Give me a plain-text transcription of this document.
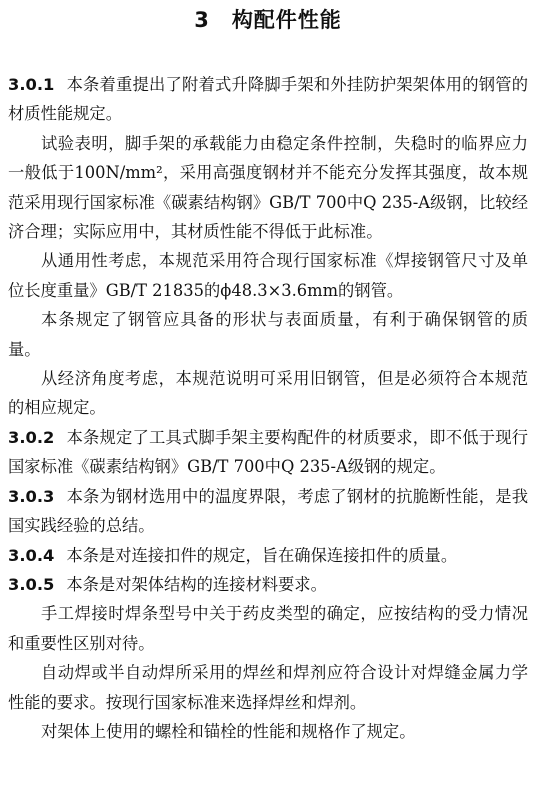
3 构配件性能

3.0.1 本条着重提出了附着式升降脚手架和外挂防护架架体用的钢管的材质性能规定。

试验表明，脚手架的承载能力由稳定条件控制，失稳时的临界应力一般低于100N/mm²，采用高强度钢材并不能充分发挥其强度，故本规范采用现行国家标准《碳素结构钢》GB/T 700中Q 235-A级钢，比较经济合理；实际应用中，其材质性能不得低于此标准。

从通用性考虑，本规范采用符合现行国家标准《焊接钢管尺寸及单位长度重量》GB/T 21835的ϕ48.3×3.6mm的钢管。

本条规定了钢管应具备的形状与表面质量，有利于确保钢管的质量。

从经济角度考虑，本规范说明可采用旧钢管，但是必须符合本规范的相应规定。

3.0.2 本条规定了工具式脚手架主要构配件的材质要求，即不低于现行国家标准《碳素结构钢》GB/T 700中Q 235-A级钢的规定。

3.0.3 本条为钢材选用中的温度界限，考虑了钢材的抗脆断性能，是我国实践经验的总结。

3.0.4 本条是对连接扣件的规定，旨在确保连接扣件的质量。

3.0.5 本条是对架体结构的连接材料要求。

手工焊接时焊条型号中关于药皮类型的确定，应按结构的受力情况和重要性区别对待。

自动焊或半自动焊所采用的焊丝和焊剂应符合设计对焊缝金属力学性能的要求。按现行国家标准来选择焊丝和焊剂。

对架体上使用的螺栓和锚栓的性能和规格作了规定。
